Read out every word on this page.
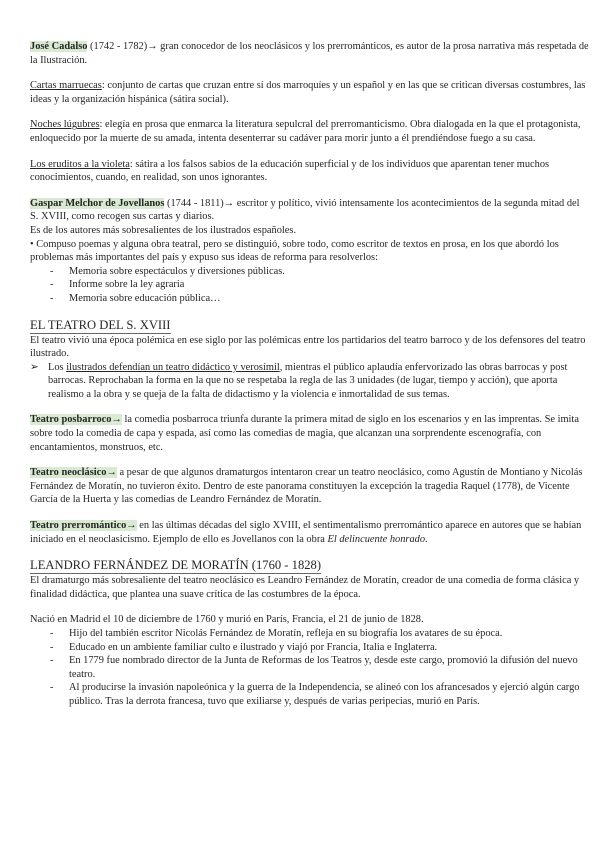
José Cadalso (1742 - 1782)→ gran conocedor de los neoclásicos y los prerrománticos, es autor de la prosa narrativa más respetada de la Ilustración.

Cartas marruecas: conjunto de cartas que cruzan entre sí dos marroquíes y un español y en las que se critican diversas costumbres, las ideas y la organización hispánica (sátira social).

Noches lúgubres: elegía en prosa que enmarca la literatura sepulcral del prerromanticismo. Obra dialogada en la que el protagonista, enloquecido por la muerte de su amada, intenta desenterrar su cadáver para morir junto a él prendiéndose fuego a su casa.

Los eruditos a la violeta: sátira a los falsos sabios de la educación superficial y de los individuos que aparentan tener muchos conocimientos, cuando, en realidad, son unos ignorantes.

Gaspar Melchor de Jovellanos (1744 - 1811)→ escritor y político, vivió intensamente los acontecimientos de la segunda mitad del S. XVIII, como recogen sus cartas y diarios.
Es de los autores más sobresalientes de los ilustrados españoles.
• Compuso poemas y alguna obra teatral, pero se distinguió, sobre todo, como escritor de textos en prosa, en los que abordó los problemas más importantes del país y expuso sus ideas de reforma para resolverlos:
- Memoria sobre espectáculos y diversiones públicas.
- Informe sobre la ley agraria
- Memoria sobre educación pública…
EL TEATRO DEL S. XVIII
El teatro vivió una época polémica en ese siglo por las polémicas entre los partidarios del teatro barroco y de los defensores del teatro ilustrado.
➢ Los ilustrados defendían un teatro didáctico y verosímil, mientras el público aplaudía enfervorizado las obras barrocas y post barrocas. Reprochaban la forma en la que no se respetaba la regla de las 3 unidades (de lugar, tiempo y acción), que aporta realismo a la obra y se queja de la falta de didactismo y la violencia e inmortalidad de sus temas.

Teatro posbarroco→ la comedia posbarroca triunfa durante la primera mitad de siglo en los escenarios y en las imprentas. Se imita sobre todo la comedia de capa y espada, así como las comedias de magia, que alcanzan una sorprendente escenografía, con encantamientos, monstruos, etc.

Teatro neoclásico→ a pesar de que algunos dramaturgos intentaron crear un teatro neoclásico, como Agustín de Montiano y Nicolás Fernández de Moratín, no tuvieron éxito. Dentro de este panorama constituyen la excepción la tragedia Raquel (1778), de Vicente García de la Huerta y las comedias de Leandro Fernández de Moratín.

Teatro prerromántico→ en las últimas décadas del siglo XVIII, el sentimentalismo prerromántico aparece en autores que se habían iniciado en el neoclasicismo. Ejemplo de ello es Jovellanos con la obra El delincuente honrado.

LEANDRO FERNÁNDEZ DE MORATÍN (1760 - 1828)

El dramaturgo más sobresaliente del teatro neoclásico es Leandro Fernández de Moratín, creador de una comedia de forma clásica y finalidad didáctica, que plantea una suave crítica de las costumbres de la época.

Nació en Madrid el 10 de diciembre de 1760 y murió en París, Francia, el 21 de junio de 1828.
- Hijo del también escritor Nicolás Fernández de Moratín, refleja en su biografía los avatares de su época.
- Educado en un ambiente familiar culto e ilustrado y viajó por Francia, Italia e Inglaterra.
- En 1779 fue nombrado director de la Junta de Reformas de los Teatros y, desde este cargo, promovió la difusión del nuevo teatro.
- Al producirse la invasión napoleónica y la guerra de la Independencia, se alineó con los afrancesados y ejerció algún cargo público. Tras la derrota francesa, tuvo que exiliarse y, después de varias peripecias, murió en París.
